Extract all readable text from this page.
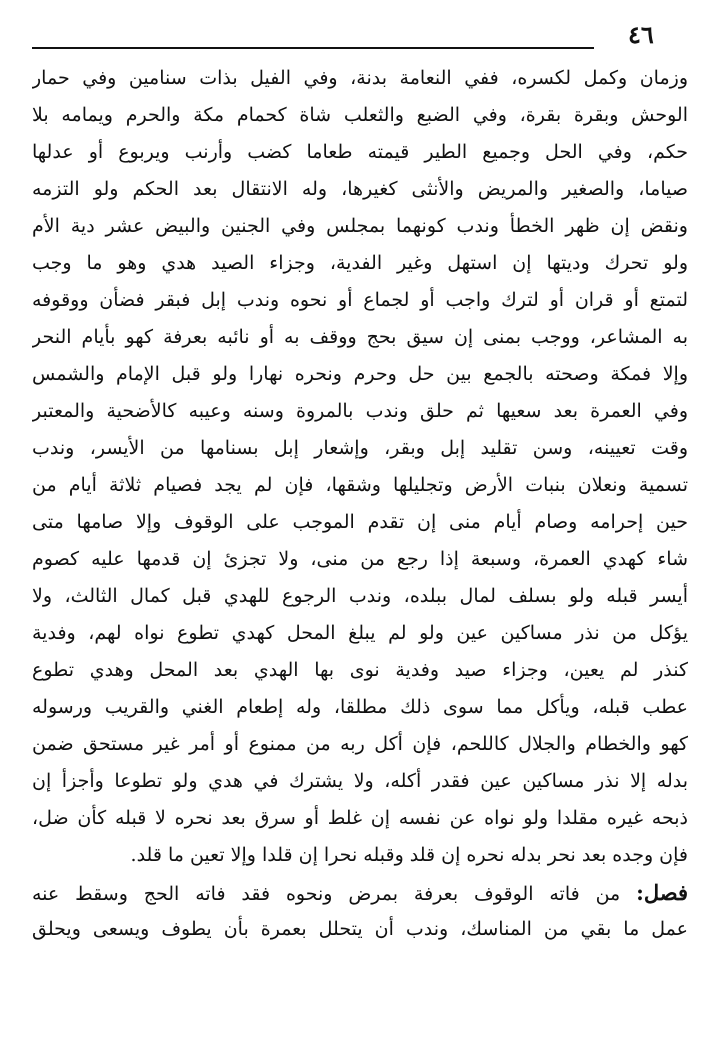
٤٦
وزمان وكمل لكسره، ففي النعامة بدنة، وفي الفيل بذات سنامين وفي حمار
الوحش وبقرة بقرة، وفي الضبع والثعلب شاة كحمام مكة والحرم ويمامه بلا
حكم، وفي الحل وجميع الطير قيمته طعاما كضب وأرنب ويربوع أو عدلها
صياما، والصغير والمريض والأنثى كغيرها، وله الانتقال بعد الحكم ولو التزمه
ونقض إن ظهر الخطأ وندب كونهما بمجلس وفي الجنين والبيض عشر دية الأم
ولو تحرك وديتها إن استهل وغير الفدية، وجزاء الصيد هدي وهو ما وجب
لتمتع أو قران أو لترك واجب أو لجماع أو نحوه وندب إبل فبقر فضأن ووقوفه
به المشاعر، ووجب بمنى إن سيق بحج ووقف به أو نائبه بعرفة كهو بأيام النحر
وإلا فمكة وصحته بالجمع بين حل وحرم ونحره نهارا ولو قبل الإمام والشمس
وفي العمرة بعد سعيها ثم حلق وندب بالمروة وسنه وعيبه كالأضحية والمعتبر
وقت تعيينه، وسن تقليد إبل وبقر، وإشعار إبل بسنامها من الأيسر، وندب
تسمية ونعلان بنبات الأرض وتجليلها وشقها، فإن لم يجد فصيام ثلاثة أيام من
حين إحرامه وصام أيام منى إن تقدم الموجب على الوقوف وإلا صامها متى
شاء كهدي العمرة، وسبعة إذا رجع من منى، ولا تجزئ إن قدمها عليه كصوم
أيسر قبله ولو بسلف لمال ببلده، وندب الرجوع للهدي قبل كمال الثالث، ولا
يؤكل من نذر مساكين عين ولو لم يبلغ المحل كهدي تطوع نواه لهم، وفدية
كنذر لم يعين، وجزاء صيد وفدية نوى بها الهدي بعد المحل وهدي تطوع
عطب قبله، ويأكل مما سوى ذلك مطلقا، وله إطعام الغني والقريب ورسوله
كهو والخطام والجلال كاللحم، فإن أكل ربه من ممنوع أو أمر غير مستحق ضمن
بدله إلا نذر مساكين عين فقدر أكله، ولا يشترك في هدي ولو تطوعا وأجزأ إن
ذبحه غيره مقلدا ولو نواه عن نفسه إن غلط أو سرق بعد نحره لا قبله كأن ضل،
فإن وجده بعد نحر بدله نحره إن قلد وقبله نحرا إن قلدا وإلا تعين ما قلد.
فصل: من فاته الوقوف بعرفة بمرض ونحوه فقد فاته الحج وسقط عنه
عمل ما بقي من المناسك، وندب أن يتحلل بعمرة بأن يطوف ويسعى ويحلق
